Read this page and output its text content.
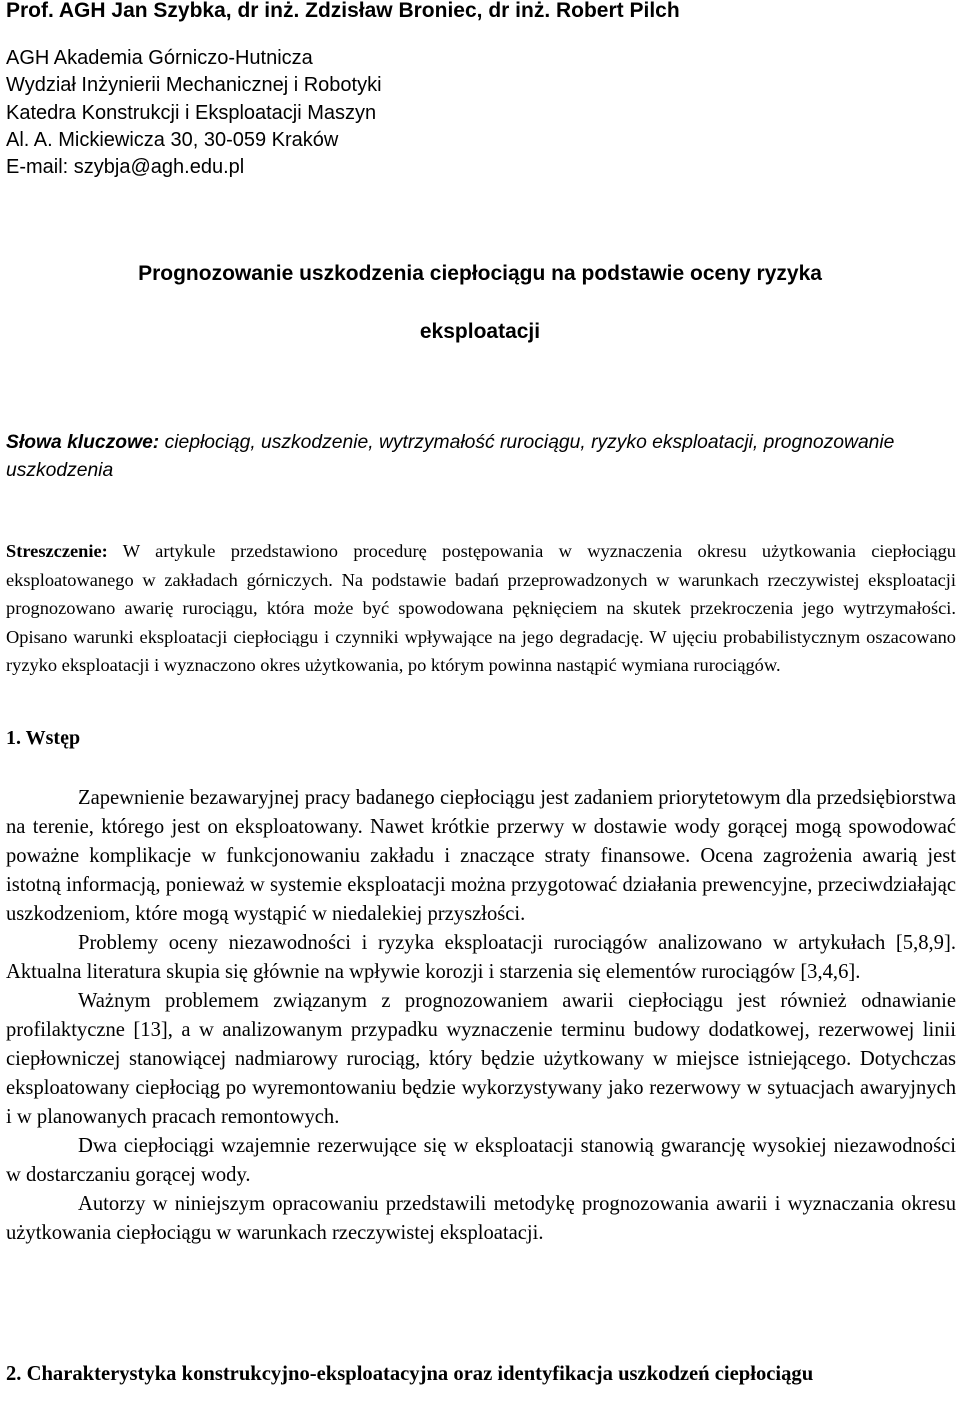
Prof. AGH Jan Szybka, dr inż. Zdzisław Broniec, dr inż. Robert Pilch
AGH Akademia Górniczo-Hutnicza
Wydział Inżynierii Mechanicznej i Robotyki
Katedra Konstrukcji i Eksploatacji Maszyn
Al. A. Mickiewicza 30, 30-059 Kraków
E-mail: szybja@agh.edu.pl
Prognozowanie uszkodzenia ciepłociągu na podstawie oceny ryzyka
eksploatacji
Słowa kluczowe: ciepłociąg, uszkodzenie, wytrzymałość rurociągu, ryzyko eksploatacji, prognozowanie uszkodzenia
Streszczenie: W artykule przedstawiono procedurę postępowania w wyznaczenia okresu użytkowania ciepłociągu eksploatowanego w zakładach górniczych. Na podstawie badań przeprowadzonych w warunkach rzeczywistej eksploatacji prognozowano awarię rurociągu, która może być spowodowana pęknięciem na skutek przekroczenia jego wytrzymałości. Opisano warunki eksploatacji ciepłociągu i czynniki wpływające na jego degradację. W ujęciu probabilistycznym oszacowano ryzyko eksploatacji i wyznaczono okres użytkowania, po którym powinna nastąpić wymiana rurociągów.
1. Wstęp

Zapewnienie bezawaryjnej pracy badanego ciepłociągu jest zadaniem priorytetowym dla przedsiębiorstwa na terenie, którego jest on eksploatowany. Nawet krótkie przerwy w dostawie wody gorącej mogą spowodować poważne komplikacje w funkcjonowaniu zakładu i znaczące straty finansowe. Ocena zagrożenia awarią jest istotną informacją, ponieważ w systemie eksploatacji można przygotować działania prewencyjne, przeciwdziałając uszkodzeniom, które mogą wystąpić w niedalekiej przyszłości.

Problemy oceny niezawodności i ryzyka eksploatacji rurociągów analizowano w artykułach [5,8,9]. Aktualna literatura skupia się głównie na wpływie korozji i starzenia się elementów rurociągów [3,4,6].

Ważnym problemem związanym z prognozowaniem awarii ciepłociągu jest również odnawianie profilaktyczne [13], a w analizowanym przypadku wyznaczenie terminu budowy dodatkowej, rezerwowej linii ciepłowniczej stanowiącej nadmiarowy rurociąg, który będzie użytkowany w miejsce istniejącego. Dotychczas eksploatowany ciepłociąg po wyremontowaniu będzie wykorzystywany jako rezerwowy w sytuacjach awaryjnych i w planowanych pracach remontowych.

Dwa ciepłociągi wzajemnie rezerwujące się w eksploatacji stanowią gwarancję wysokiej niezawodności w dostarczaniu gorącej wody.

Autorzy w niniejszym opracowaniu przedstawili metodykę prognozowania awarii i wyznaczania okresu użytkowania ciepłociągu w warunkach rzeczywistej eksploatacji.

2. Charakterystyka konstrukcyjno-eksploatacyjna oraz identyfikacja uszkodzeń ciepłociągu
